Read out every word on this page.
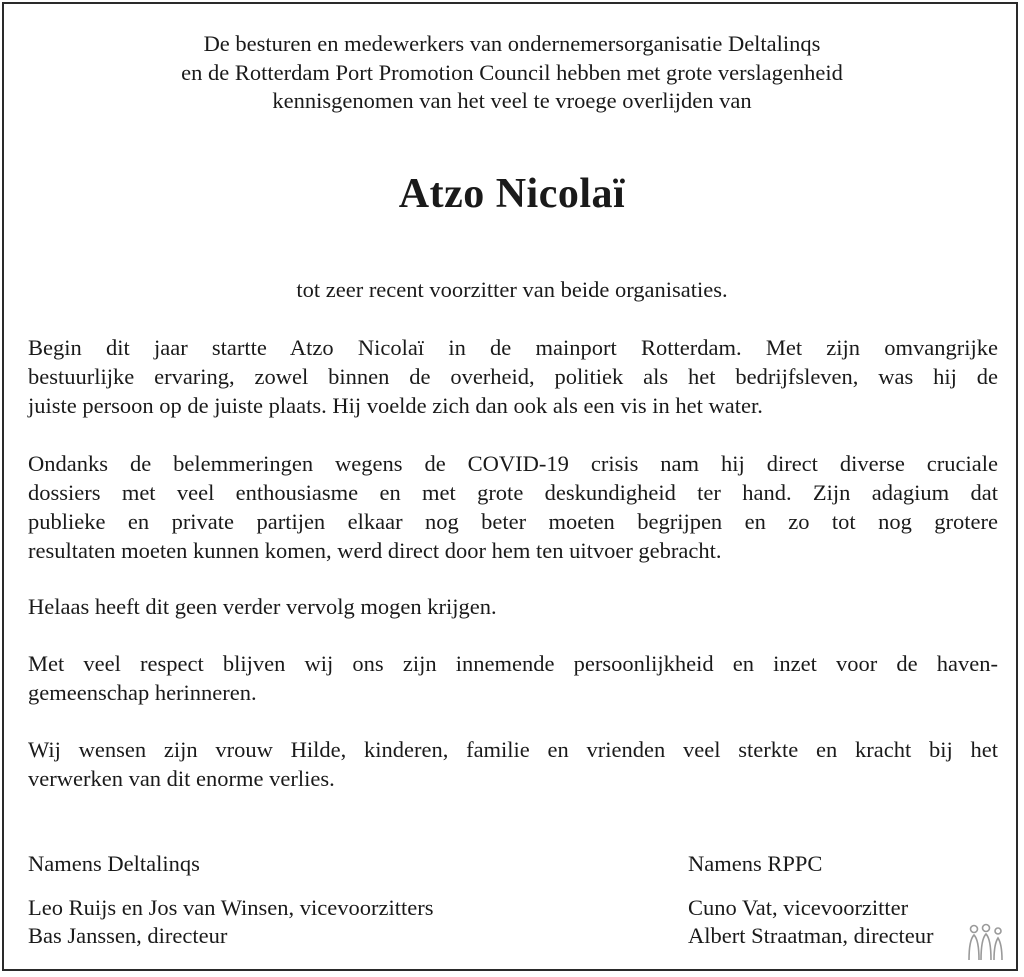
De besturen en medewerkers van ondernemersorganisatie Deltalinqs
en de Rotterdam Port Promotion Council hebben met grote verslagenheid
kennisgenomen van het veel te vroege overlijden van
Atzo Nicolaï
tot zeer recent voorzitter van beide organisaties.
Begin dit jaar startte Atzo Nicolaï in de mainport Rotterdam. Met zijn omvangrijke
bestuurlijke ervaring, zowel binnen de overheid, politiek als het bedrijfsleven, was hij de
juiste persoon op de juiste plaats. Hij voelde zich dan ook als een vis in het water.
Ondanks de belemmeringen wegens de COVID-19 crisis nam hij direct diverse cruciale
dossiers met veel enthousiasme en met grote deskundigheid ter hand. Zijn adagium dat
publieke en private partijen elkaar nog beter moeten begrijpen en zo tot nog grotere
resultaten moeten kunnen komen, werd direct door hem ten uitvoer gebracht.
Helaas heeft dit geen verder vervolg mogen krijgen.
Met veel respect blijven wij ons zijn innemende persoonlijkheid en inzet voor de haven-
gemeenschap herinneren.
Wij wensen zijn vrouw Hilde, kinderen, familie en vrienden veel sterkte en kracht bij het
verwerken van dit enorme verlies.
Namens Deltalinqs
Leo Ruijs en Jos van Winsen, vicevoorzitters
Bas Janssen, directeur
Namens RPPC
Cuno Vat, vicevoorzitter
Albert Straatman, directeur
